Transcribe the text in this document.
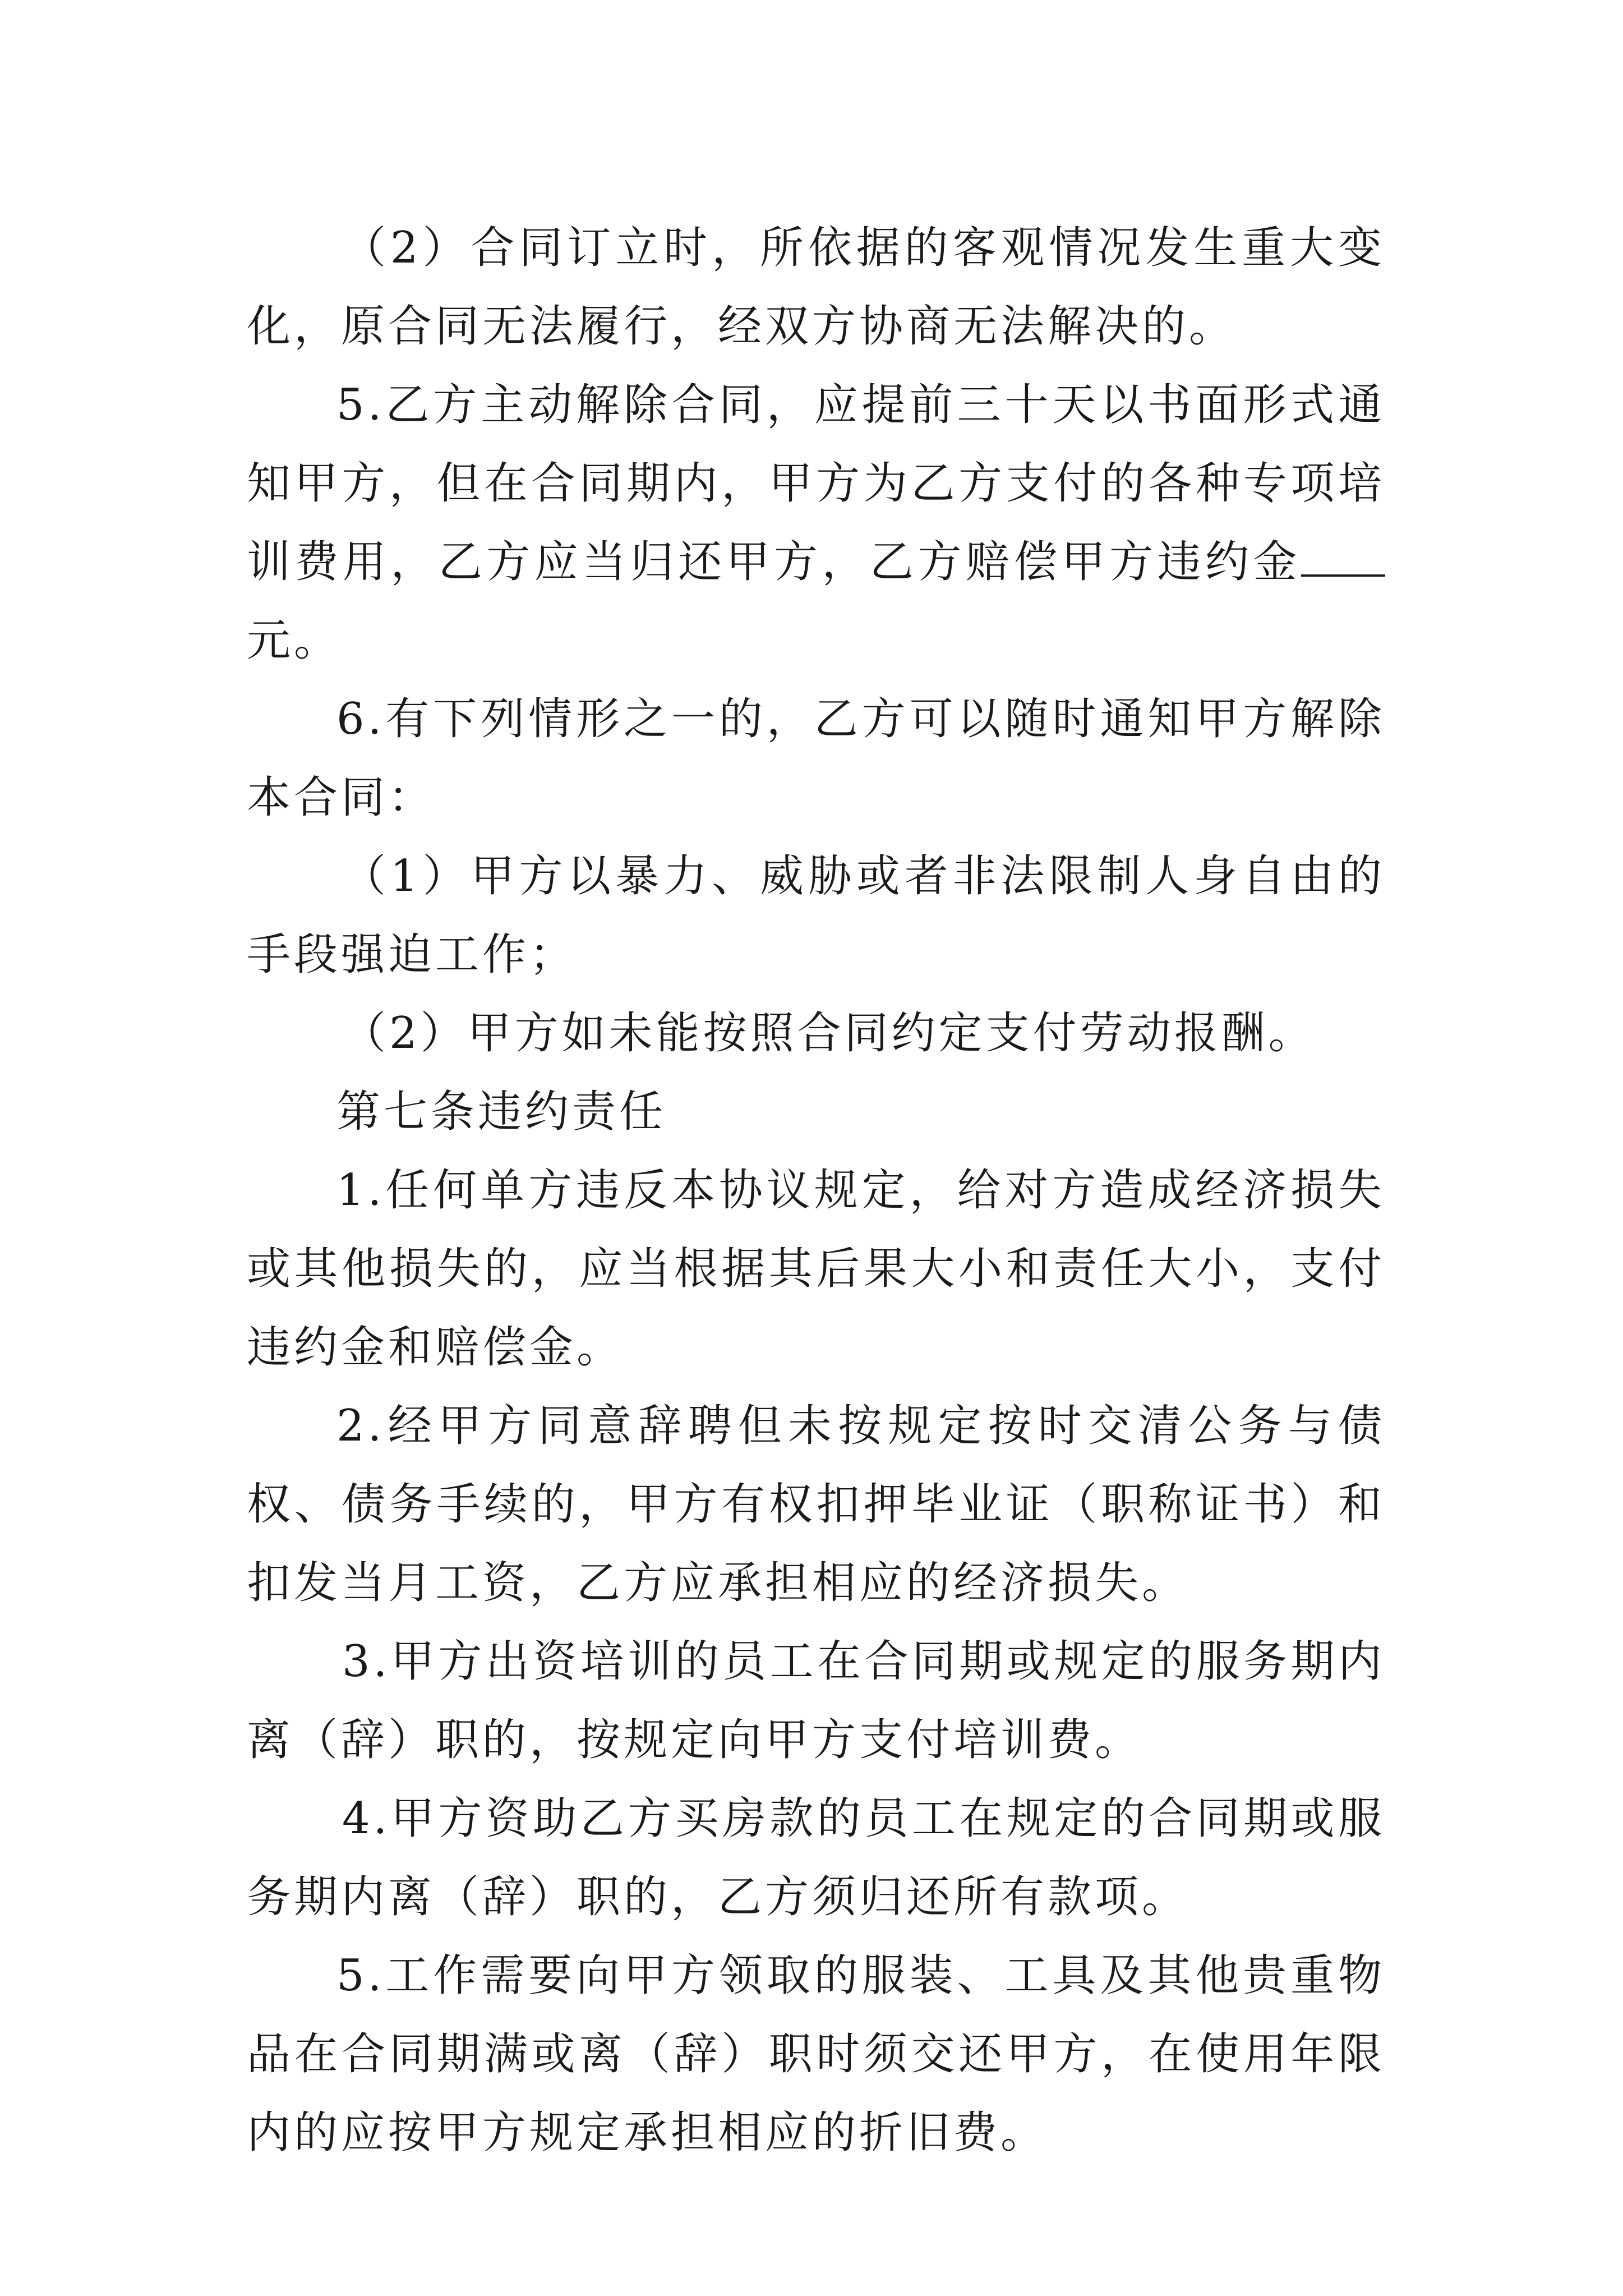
（2）合同订立时，所依据的客观情况发生重大变化，原合同无法履行，经双方协商无法解决的。

5.乙方主动解除合同，应提前三十天以书面形式通知甲方，但在合同期内，甲方为乙方支付的各种专项培训费用，乙方应当归还甲方，乙方赔偿甲方违约金元。

6.有下列情形之一的，乙方可以随时通知甲方解除本合同：

（1）甲方以暴力、威胁或者非法限制人身自由的手段强迫工作；

（2）甲方如未能按照合同约定支付劳动报酬。

第七条违约责任

1.任何单方违反本协议规定，给对方造成经济损失或其他损失的，应当根据其后果大小和责任大小，支付违约金和赔偿金。

2.经甲方同意辞聘但未按规定按时交清公务与债权、债务手续的，甲方有权扣押毕业证（职称证书）和扣发当月工资，乙方应承担相应的经济损失。

3.甲方出资培训的员工在合同期或规定的服务期内离（辞）职的，按规定向甲方支付培训费。

4.甲方资助乙方买房款的员工在规定的合同期或服务期内离（辞）职的，乙方须归还所有款项。

5.工作需要向甲方领取的服装、工具及其他贵重物品在合同期满或离（辞）职时须交还甲方，在使用年限内的应按甲方规定承担相应的折旧费。
